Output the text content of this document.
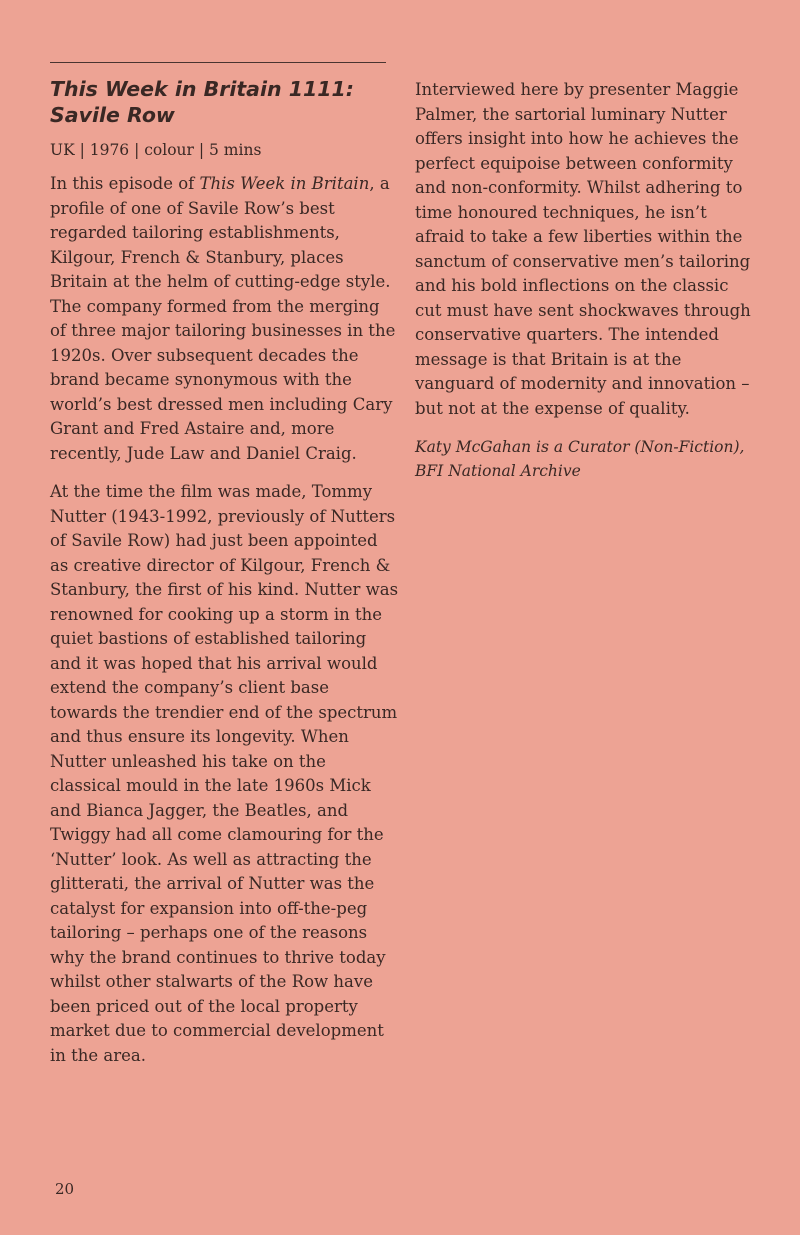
This Week in Britain 1111:
Savile Row
UK | 1976 | colour | 5 mins

In this episode of This Week in Britain, a profile of one of Savile Row’s best regarded tailoring establishments, Kilgour, French & Stanbury, places Britain at the helm of cutting-edge style. The company formed from the merging of three major tailoring businesses in the 1920s. Over subsequent decades the brand became synonymous with the world’s best dressed men including Cary Grant and Fred Astaire and, more recently, Jude Law and Daniel Craig.

At the time the film was made, Tommy Nutter (1943-1992, previously of Nutters of Savile Row) had just been appointed as creative director of Kilgour, French & Stanbury, the first of his kind. Nutter was renowned for cooking up a storm in the quiet bastions of established tailoring and it was hoped that his arrival would extend the company’s client base towards the trendier end of the spectrum and thus ensure its longevity. When Nutter unleashed his take on the classical mould in the late 1960s Mick and Bianca Jagger, the Beatles, and Twiggy had all come clamouring for the ‘Nutter’ look. As well as attracting the glitterati, the arrival of Nutter was the catalyst for expansion into off-the-peg tailoring – perhaps one of the reasons why the brand continues to thrive today whilst other stalwarts of the Row have been priced out of the local property market due to commercial development in the area.

Interviewed here by presenter Maggie Palmer, the sartorial luminary Nutter offers insight into how he achieves the perfect equipoise between conformity and non-conformity. Whilst adhering to time honoured techniques, he isn’t afraid to take a few liberties within the sanctum of conservative men’s tailoring and his bold inflections on the classic cut must have sent shockwaves through conservative quarters. The intended message is that Britain is at the vanguard of modernity and innovation – but not at the expense of quality.

Katy McGahan is a Curator (Non-Fiction),
BFI National Archive

20
